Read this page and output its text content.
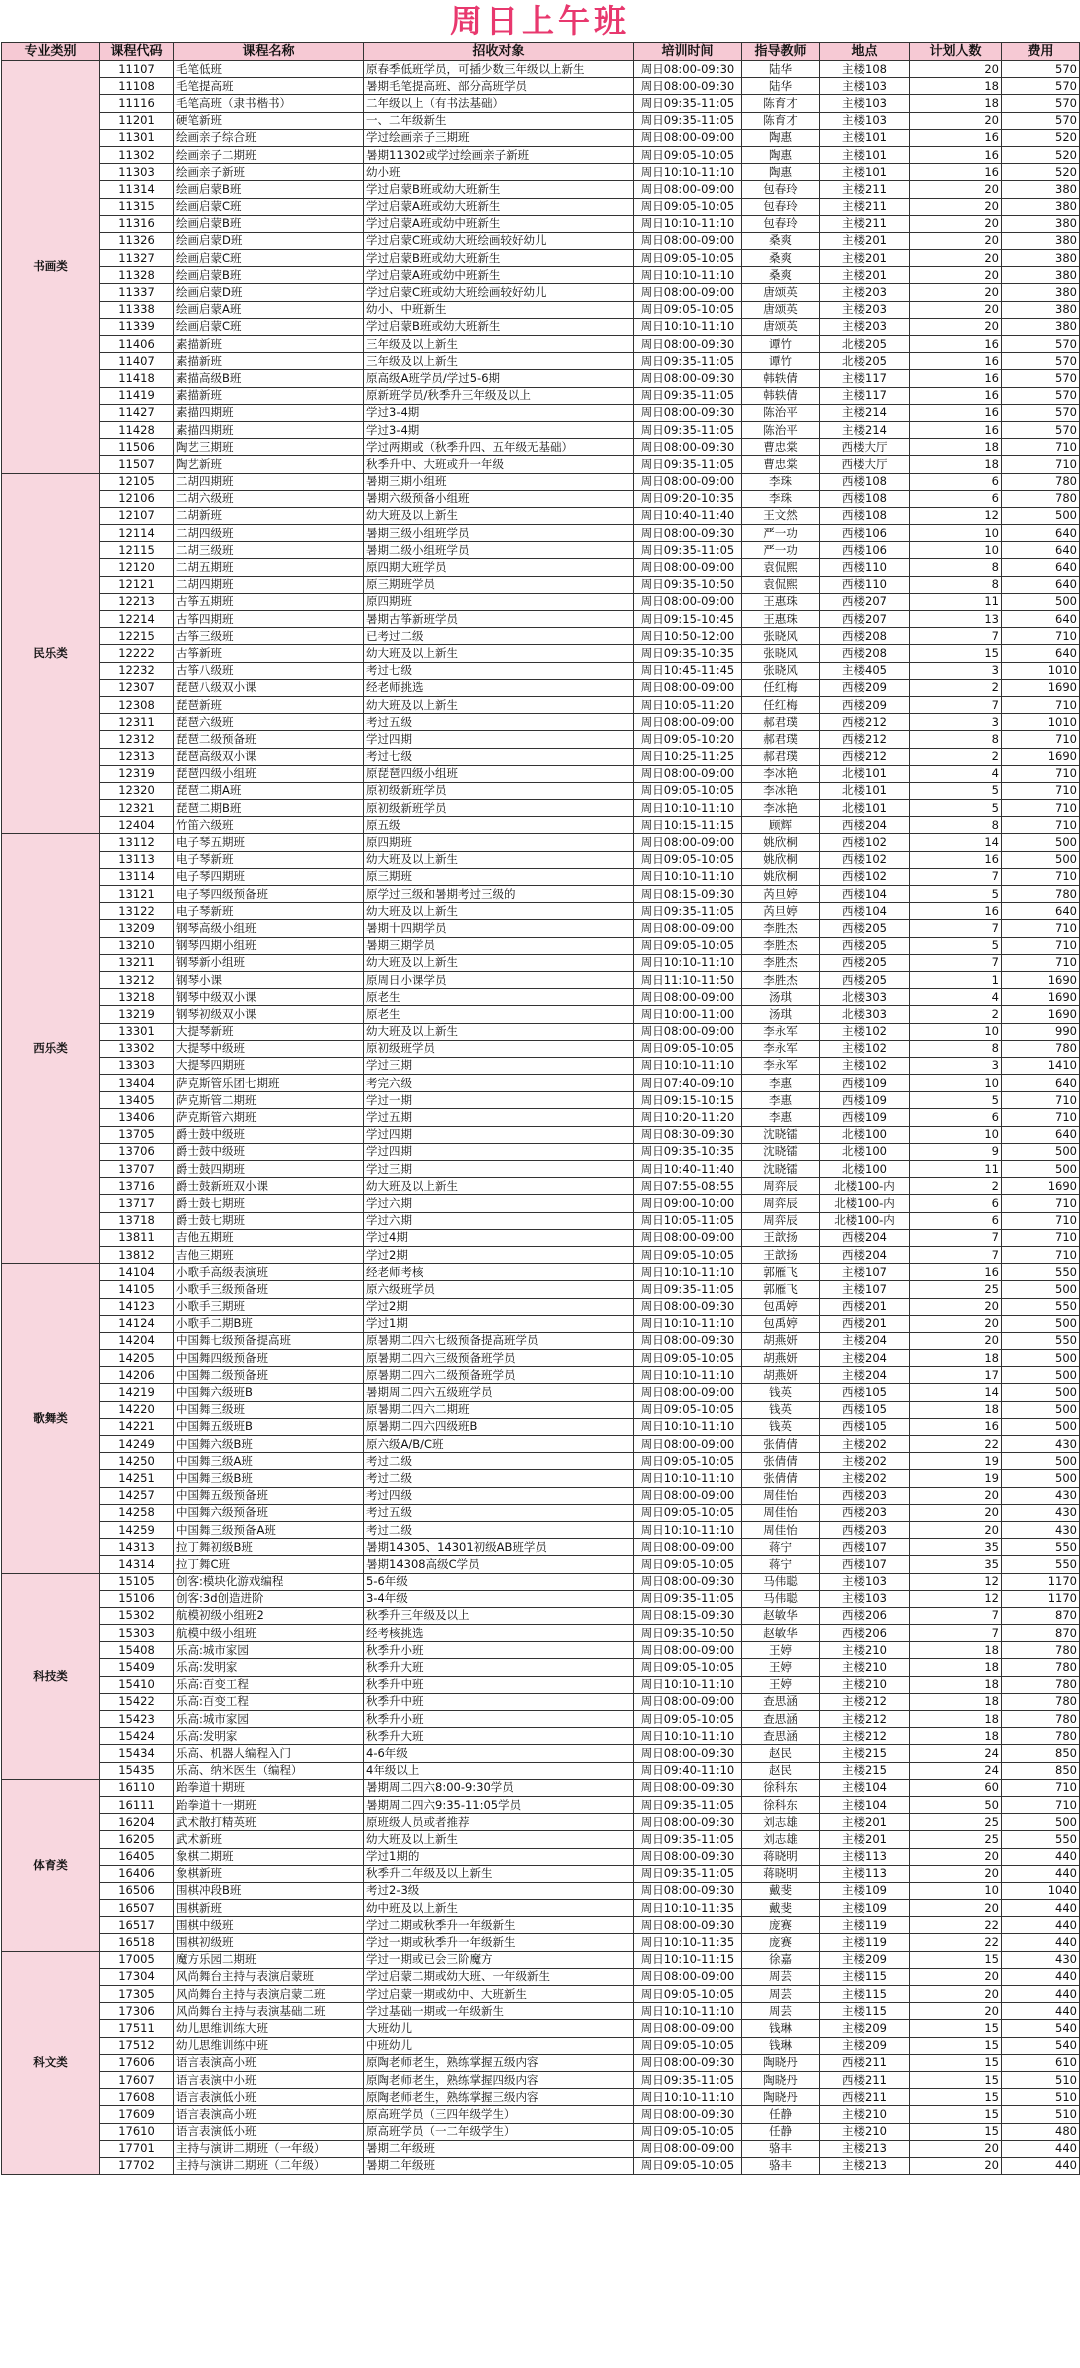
周日上午班
专业类别	课程代码	课程名称	招收对象	培训时间	指导教师	地点	计划人数	费用
书画类	11107	毛笔低班	原春季低班学员，可插少数三年级以上新生	周日08:00-09:30	陆华	主楼108	20	570
	11108	毛笔提高班	暑期毛笔提高班、部分高班学员	周日08:00-09:30	陆华	主楼103	18	570
	11116	毛笔高班（隶书楷书）	二年级以上（有书法基础）	周日09:35-11:05	陈育才	主楼103	18	570
	11201	硬笔新班	一、二年级新生	周日09:35-11:05	陈育才	主楼103	20	570
	11301	绘画亲子综合班	学过绘画亲子三期班	周日08:00-09:00	陶惠	主楼101	16	520
	11302	绘画亲子二期班	暑期11302或学过绘画亲子新班	周日09:05-10:05	陶惠	主楼101	16	520
	11303	绘画亲子新班	幼小班	周日10:10-11:10	陶惠	主楼101	16	520
	11314	绘画启蒙B班	学过启蒙B班或幼大班新生	周日08:00-09:00	包春玲	主楼211	20	380
	11315	绘画启蒙C班	学过启蒙A班或幼大班新生	周日09:05-10:05	包春玲	主楼211	20	380
	11316	绘画启蒙B班	学过启蒙A班或幼中班新生	周日10:10-11:10	包春玲	主楼211	20	380
	11326	绘画启蒙D班	学过启蒙C班或幼大班绘画较好幼儿	周日08:00-09:00	桑爽	主楼201	20	380
	11327	绘画启蒙C班	学过启蒙B班或幼大班新生	周日09:05-10:05	桑爽	主楼201	20	380
	11328	绘画启蒙B班	学过启蒙A班或幼中班新生	周日10:10-11:10	桑爽	主楼201	20	380
	11337	绘画启蒙D班	学过启蒙C班或幼大班绘画较好幼儿	周日08:00-09:00	唐颂英	主楼203	20	380
	11338	绘画启蒙A班	幼小、中班新生	周日09:05-10:05	唐颂英	主楼203	20	380
	11339	绘画启蒙C班	学过启蒙B班或幼大班新生	周日10:10-11:10	唐颂英	主楼203	20	380
	11406	素描新班	三年级及以上新生	周日08:00-09:30	谭竹	北楼205	16	570
	11407	素描新班	三年级及以上新生	周日09:35-11:05	谭竹	北楼205	16	570
	11418	素描高级B班	原高级A班学员/学过5-6期	周日08:00-09:30	韩轶倩	主楼117	16	570
	11419	素描新班	原新班学员/秋季升三年级及以上	周日09:35-11:05	韩轶倩	主楼117	16	570
	11427	素描四期班	学过3-4期	周日08:00-09:30	陈治平	主楼214	16	570
	11428	素描四期班	学过3-4期	周日09:35-11:05	陈治平	主楼214	16	570
	11506	陶艺三期班	学过两期或（秋季升四、五年级无基础）	周日08:00-09:30	曹忠棠	西楼大厅	18	710
	11507	陶艺新班	秋季升中、大班或升一年级	周日09:35-11:05	曹忠棠	西楼大厅	18	710
民乐类	12105	二胡四期班	暑期三期小组班	周日08:00-09:00	李珠	西楼108	6	780
	12106	二胡六级班	暑期六级预备小组班	周日09:20-10:35	李珠	西楼108	6	780
	12107	二胡新班	幼大班及以上新生	周日10:40-11:40	王文然	西楼108	12	500
	12114	二胡四级班	暑期三级小组班学员	周日08:00-09:30	严一功	西楼106	10	640
	12115	二胡三级班	暑期二级小组班学员	周日09:35-11:05	严一功	西楼106	10	640
	12120	二胡五期班	原四期大班学员	周日08:00-09:00	袁侃熙	西楼110	8	640
	12121	二胡四期班	原三期班学员	周日09:35-10:50	袁侃熙	西楼110	8	640
	12213	古筝五期班	原四期班	周日08:00-09:00	王惠珠	西楼207	11	500
	12214	古筝四期班	暑期古筝新班学员	周日09:15-10:45	王惠珠	西楼207	13	640
	12215	古筝三级班	已考过二级	周日10:50-12:00	张晓风	西楼208	7	710
	12222	古筝新班	幼大班及以上新生	周日09:35-10:35	张晓风	西楼208	15	640
	12232	古筝八级班	考过七级	周日10:45-11:45	张晓风	主楼405	3	1010
	12307	琵琶八级双小课	经老师挑选	周日08:00-09:00	任红梅	西楼209	2	1690
	12308	琵琶新班	幼大班及以上新生	周日10:05-11:20	任红梅	西楼209	7	710
	12311	琵琶六级班	考过五级	周日08:00-09:00	郝君璞	西楼212	3	1010
	12312	琵琶二级预备班	学过四期	周日09:05-10:20	郝君璞	西楼212	8	710
	12313	琵琶高级双小课	考过七级	周日10:25-11:25	郝君璞	西楼212	2	1690
	12319	琵琶四级小组班	原琵琶四级小组班	周日08:00-09:00	李冰艳	北楼101	4	710
	12320	琵琶二期A班	原初级新班学员	周日09:05-10:05	李冰艳	北楼101	5	710
	12321	琵琶二期B班	原初级新班学员	周日10:10-11:10	李冰艳	北楼101	5	710
	12404	竹笛六级班	原五级	周日10:15-11:15	顾辉	西楼204	8	710
西乐类	13112	电子琴五期班	原四期班	周日08:00-09:00	姚欣桐	西楼102	14	500
	13113	电子琴新班	幼大班及以上新生	周日09:05-10:05	姚欣桐	西楼102	16	500
	13114	电子琴四期班	原三期班	周日10:10-11:10	姚欣桐	西楼102	7	710
	13121	电子琴四级预备班	原学过三级和暑期考过三级的	周日08:15-09:30	芮旦婷	西楼104	5	780
	13122	电子琴新班	幼大班及以上新生	周日09:35-11:05	芮旦婷	西楼104	16	640
	13209	钢琴高级小组班	暑期十四期学员	周日08:00-09:00	李胜杰	西楼205	7	710
	13210	钢琴四期小组班	暑期三期学员	周日09:05-10:05	李胜杰	西楼205	5	710
	13211	钢琴新小组班	幼大班及以上新生	周日10:10-11:10	李胜杰	西楼205	7	710
	13212	钢琴小课	原周日小课学员	周日11:10-11:50	李胜杰	西楼205	1	1690
	13218	钢琴中级双小课	原老生	周日08:00-09:00	汤琪	北楼303	4	1690
	13219	钢琴初级双小课	原老生	周日10:00-11:00	汤琪	北楼303	2	1690
	13301	大提琴新班	幼大班及以上新生	周日08:00-09:00	李永军	主楼102	10	990
	13302	大提琴中级班	原初级班学员	周日09:05-10:05	李永军	主楼102	8	780
	13303	大提琴四期班	学过三期	周日10:10-11:10	李永军	主楼102	3	1410
	13404	萨克斯管乐团七期班	考完六级	周日07:40-09:10	李惠	西楼109	10	640
	13405	萨克斯管二期班	学过一期	周日09:15-10:15	李惠	西楼109	5	710
	13406	萨克斯管六期班	学过五期	周日10:20-11:20	李惠	西楼109	6	710
	13705	爵士鼓中级班	学过四期	周日08:30-09:30	沈晓镭	北楼100	10	640
	13706	爵士鼓中级班	学过四期	周日09:35-10:35	沈晓镭	北楼100	9	500
	13707	爵士鼓四期班	学过三期	周日10:40-11:40	沈晓镭	北楼100	11	500
	13716	爵士鼓新班双小课	幼大班及以上新生	周日07:55-08:55	周弈辰	北楼100-内	2	1690
	13717	爵士鼓七期班	学过六期	周日09:00-10:00	周弈辰	北楼100-内	6	710
	13718	爵士鼓七期班	学过六期	周日10:05-11:05	周弈辰	北楼100-内	6	710
	13811	吉他五期班	学过4期	周日08:00-09:00	王歆扬	西楼204	7	710
	13812	吉他三期班	学过2期	周日09:05-10:05	王歆扬	西楼204	7	710
歌舞类	14104	小歌手高级表演班	经老师考核	周日10:10-11:10	郭雁飞	主楼107	16	550
	14105	小歌手三级预备班	原六级班学员	周日09:35-11:05	郭雁飞	主楼107	25	500
	14123	小歌手三期班	学过2期	周日08:00-09:30	包禹婷	西楼201	20	550
	14124	小歌手二期B班	学过1期	周日10:10-11:10	包禹婷	西楼201	20	500
	14204	中国舞七级预备提高班	原暑期二四六七级预备提高班学员	周日08:00-09:30	胡燕妍	主楼204	20	550
	14205	中国舞四级预备班	原暑期二四六三级预备班学员	周日09:05-10:05	胡燕妍	主楼204	18	500
	14206	中国舞二级预备班	原暑期二四六二级预备班学员	周日10:10-11:10	胡燕妍	主楼204	17	500
	14219	中国舞六级班B	暑期周二四六五级班学员	周日08:00-09:00	钱英	西楼105	14	500
	14220	中国舞三级班	原暑期二四六二期班	周日09:05-10:05	钱英	西楼105	18	500
	14221	中国舞五级班B	原暑期二四六四级班B	周日10:10-11:10	钱英	西楼105	16	500
	14249	中国舞六级B班	原六级A/B/C班	周日08:00-09:00	张倩倩	主楼202	22	430
	14250	中国舞三级A班	考过二级	周日09:05-10:05	张倩倩	主楼202	19	500
	14251	中国舞三级B班	考过二级	周日10:10-11:10	张倩倩	主楼202	19	500
	14257	中国舞五级预备班	考过四级	周日08:00-09:00	周佳怡	西楼203	20	430
	14258	中国舞六级预备班	考过五级	周日09:05-10:05	周佳怡	西楼203	20	430
	14259	中国舞三级预备A班	考过二级	周日10:10-11:10	周佳怡	西楼203	20	430
	14313	拉丁舞初级B班	暑期14305、14301初级AB班学员	周日08:00-09:00	蒋宁	西楼107	35	550
	14314	拉丁舞C班	暑期14308高级C学员	周日09:05-10:05	蒋宁	西楼107	35	550
科技类	15105	创客:模块化游戏编程	5-6年级	周日08:00-09:30	马伟聪	主楼103	12	1170
	15106	创客:3d创造进阶	3-4年级	周日09:35-11:05	马伟聪	主楼103	12	1170
	15302	航模初级小组班2	秋季升三年级及以上	周日08:15-09:30	赵敏华	西楼206	7	870
	15303	航模中级小组班	经考核挑选	周日09:35-10:50	赵敏华	西楼206	7	870
	15408	乐高:城市家园	秋季升小班	周日08:00-09:00	王婷	主楼210	18	780
	15409	乐高:发明家	秋季升大班	周日09:05-10:05	王婷	主楼210	18	780
	15410	乐高:百变工程	秋季升中班	周日10:10-11:10	王婷	主楼210	18	780
	15422	乐高:百变工程	秋季升中班	周日08:00-09:00	查思涵	主楼212	18	780
	15423	乐高:城市家园	秋季升小班	周日09:05-10:05	查思涵	主楼212	18	780
	15424	乐高:发明家	秋季升大班	周日10:10-11:10	查思涵	主楼212	18	780
	15434	乐高、机器人编程入门	4-6年级	周日08:00-09:30	赵民	主楼215	24	850
	15435	乐高、纳米医生（编程）	4年级以上	周日09:40-11:10	赵民	主楼215	24	850
体育类	16110	跆拳道十期班	暑期周二四六8:00-9:30学员	周日08:00-09:30	徐科东	主楼104	60	710
	16111	跆拳道十一期班	暑期周二四六9:35-11:05学员	周日09:35-11:05	徐科东	主楼104	50	710
	16204	武术散打精英班	原班级人员或者推荐	周日08:00-09:30	刘志雄	主楼201	25	500
	16205	武术新班	幼大班及以上新生	周日09:35-11:05	刘志雄	主楼201	25	550
	16405	象棋二期班	学过1期的	周日08:00-09:30	蒋晓明	主楼113	20	440
	16406	象棋新班	秋季升二年级及以上新生	周日09:35-11:05	蒋晓明	主楼113	20	440
	16506	围棋冲段B班	考过2-3级	周日08:00-09:30	戴斐	主楼109	10	1040
	16507	围棋新班	幼中班及以上新生	周日10:10-11:35	戴斐	主楼109	20	440
	16517	围棋中级班	学过二期或秋季升一年级新生	周日08:00-09:30	庞赛	主楼119	22	440
	16518	围棋初级班	学过一期或秋季升一年级新生	周日10:10-11:35	庞赛	主楼119	22	440
科文类	17005	魔方乐园二期班	学过一期或已会三阶魔方	周日10:10-11:15	徐嘉	主楼209	15	430
	17304	风尚舞台主持与表演启蒙班	学过启蒙二期或幼大班、一年级新生	周日08:00-09:00	周芸	主楼115	20	440
	17305	风尚舞台主持与表演启蒙二班	学过启蒙一期或幼中、大班新生	周日09:05-10:05	周芸	主楼115	20	440
	17306	风尚舞台主持与表演基础二班	学过基础一期或一年级新生	周日10:10-11:10	周芸	主楼115	20	440
	17511	幼儿思维训练大班	大班幼儿	周日08:00-09:00	钱琳	主楼209	15	540
	17512	幼儿思维训练中班	中班幼儿	周日09:05-10:05	钱琳	主楼209	15	540
	17606	语言表演高小班	原陶老师老生，熟练掌握五级内容	周日08:00-09:30	陶晓丹	西楼211	15	610
	17607	语言表演中小班	原陶老师老生，熟练掌握四级内容	周日09:35-11:05	陶晓丹	西楼211	15	510
	17608	语言表演低小班	原陶老师老生，熟练掌握三级内容	周日10:10-11:10	陶晓丹	西楼211	15	510
	17609	语言表演高小班	原高班学员（三四年级学生）	周日08:00-09:30	任静	主楼210	15	510
	17610	语言表演低小班	原高班学员（一二年级学生）	周日09:05-10:05	任静	主楼210	15	480
	17701	主持与演讲二期班（一年级）	暑期二年级班	周日08:00-09:00	骆丰	主楼213	20	440
	17702	主持与演讲二期班（二年级）	暑期二年级班	周日09:05-10:05	骆丰	主楼213	20	440
